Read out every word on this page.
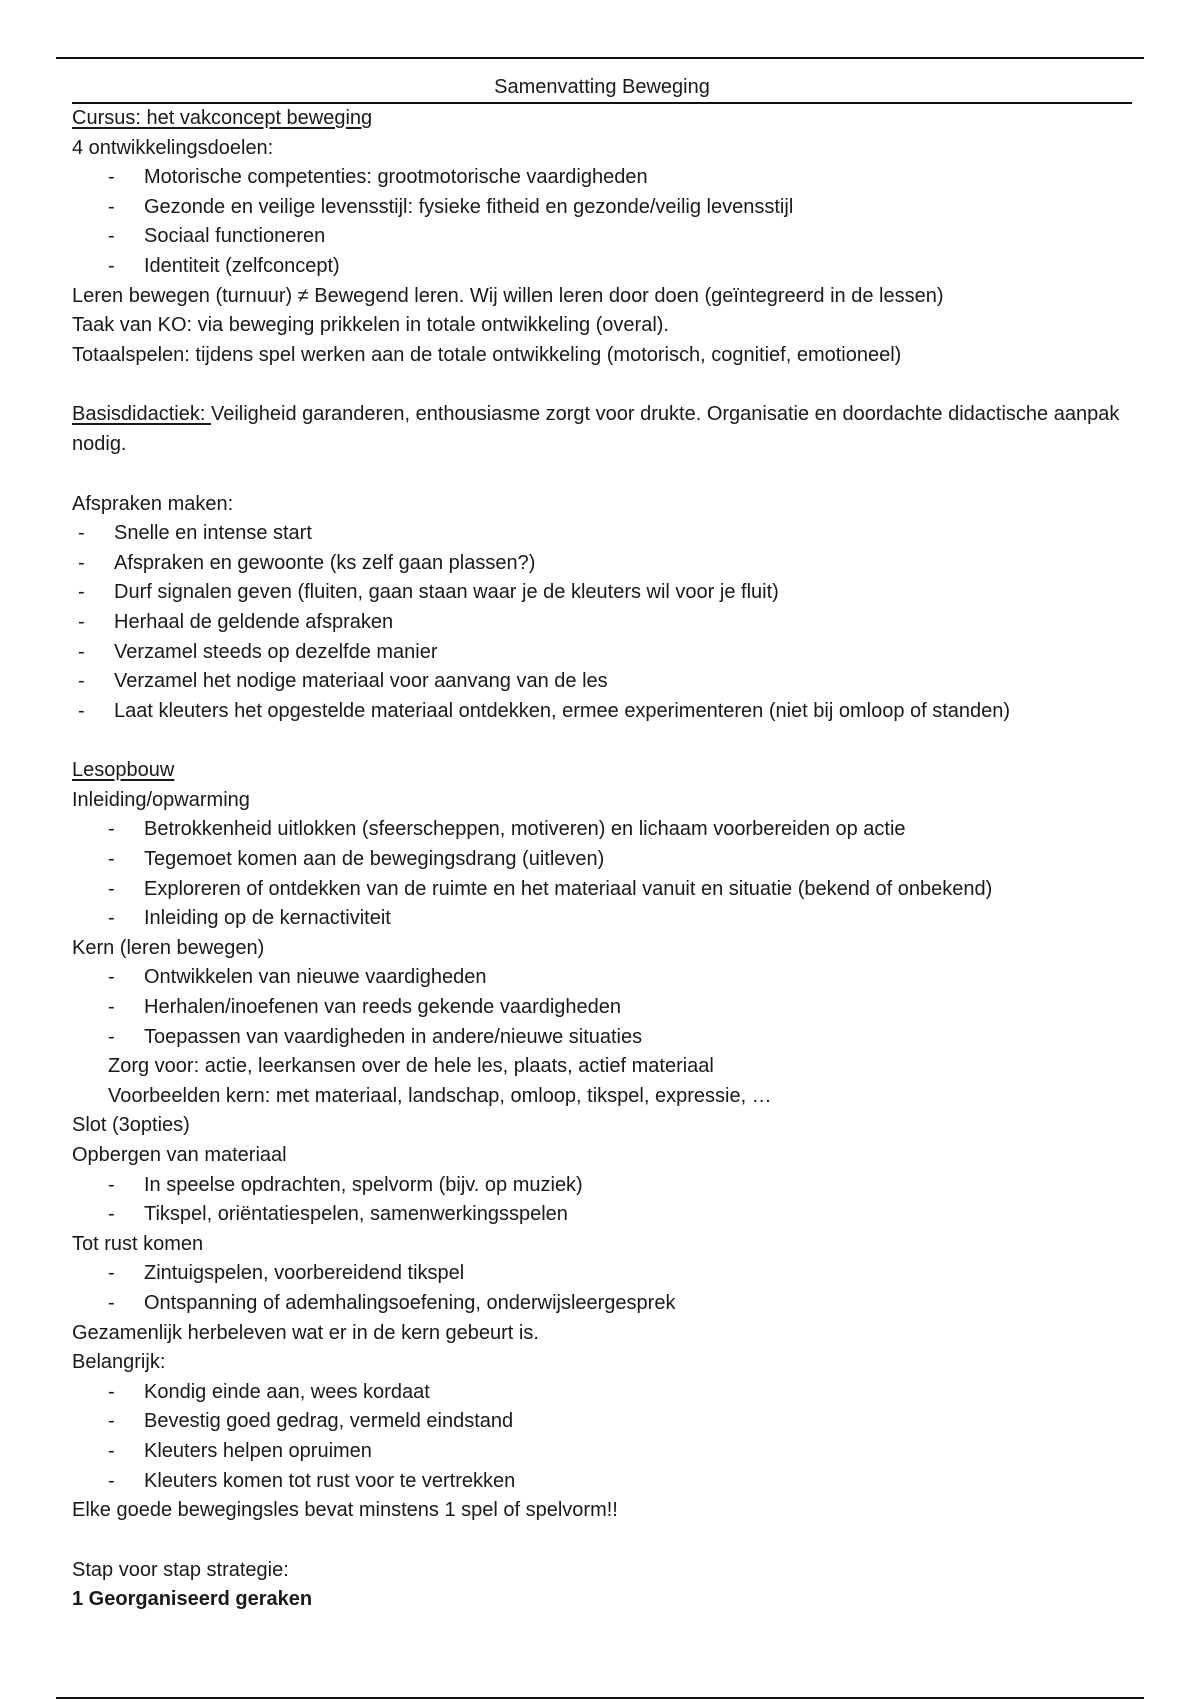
Samenvatting Beweging
Cursus: het vakconcept beweging
4 ontwikkelingsdoelen:
- Motorische competenties: grootmotorische vaardigheden
- Gezonde en veilige levensstijl: fysieke fitheid en gezonde/veilig levensstijl
- Sociaal functioneren
- Identiteit (zelfconcept)
Leren bewegen (turnuur) ≠ Bewegend leren. Wij willen leren door doen (geïntegreerd in de lessen)
Taak van KO: via beweging prikkelen in totale ontwikkeling (overal).
Totaalspelen: tijdens spel werken aan de totale ontwikkeling (motorisch, cognitief, emotioneel)
Basisdidactiek: Veiligheid garanderen, enthousiasme zorgt voor drukte. Organisatie en doordachte didactische aanpak nodig.
Afspraken maken:
- Snelle en intense start
- Afspraken en gewoonte (ks zelf gaan plassen?)
- Durf signalen geven (fluiten, gaan staan waar je de kleuters wil voor je fluit)
- Herhaal de geldende afspraken
- Verzamel steeds op dezelfde manier
- Verzamel het nodige materiaal voor aanvang van de les
- Laat kleuters het opgestelde materiaal ontdekken, ermee experimenteren (niet bij omloop of standen)
Lesopbouw
Inleiding/opwarming
- Betrokkenheid uitlokken (sfeerscheppen, motiveren) en lichaam voorbereiden op actie
- Tegemoet komen aan de bewegingsdrang (uitleven)
- Exploreren of ontdekken van de ruimte en het materiaal vanuit en situatie (bekend of onbekend)
- Inleiding op de kernactiviteit
Kern (leren bewegen)
- Ontwikkelen van nieuwe vaardigheden
- Herhalen/inoefenen van reeds gekende vaardigheden
- Toepassen van vaardigheden in andere/nieuwe situaties
Zorg voor: actie, leerkansen over de hele les, plaats, actief materiaal
Voorbeelden kern: met materiaal, landschap, omloop, tikspel, expressie, …
Slot (3opties)
Opbergen van materiaal
- In speelse opdrachten, spelvorm (bijv. op muziek)
- Tikspel, oriëntatiespelen, samenwerkingsspelen
Tot rust komen
- Zintuigspelen, voorbereidend tikspel
- Ontspanning of ademhalingsoefening, onderwijsleergesprek
Gezamenlijk herbeleven wat er in de kern gebeurt is.
Belangrijk:
- Kondig einde aan, wees kordaat
- Bevestig goed gedrag, vermeld eindstand
- Kleuters helpen opruimen
- Kleuters komen tot rust voor te vertrekken
Elke goede bewegingsles bevat minstens 1 spel of spelvorm!!
Stap voor stap strategie:
1 Georganiseerd geraken
